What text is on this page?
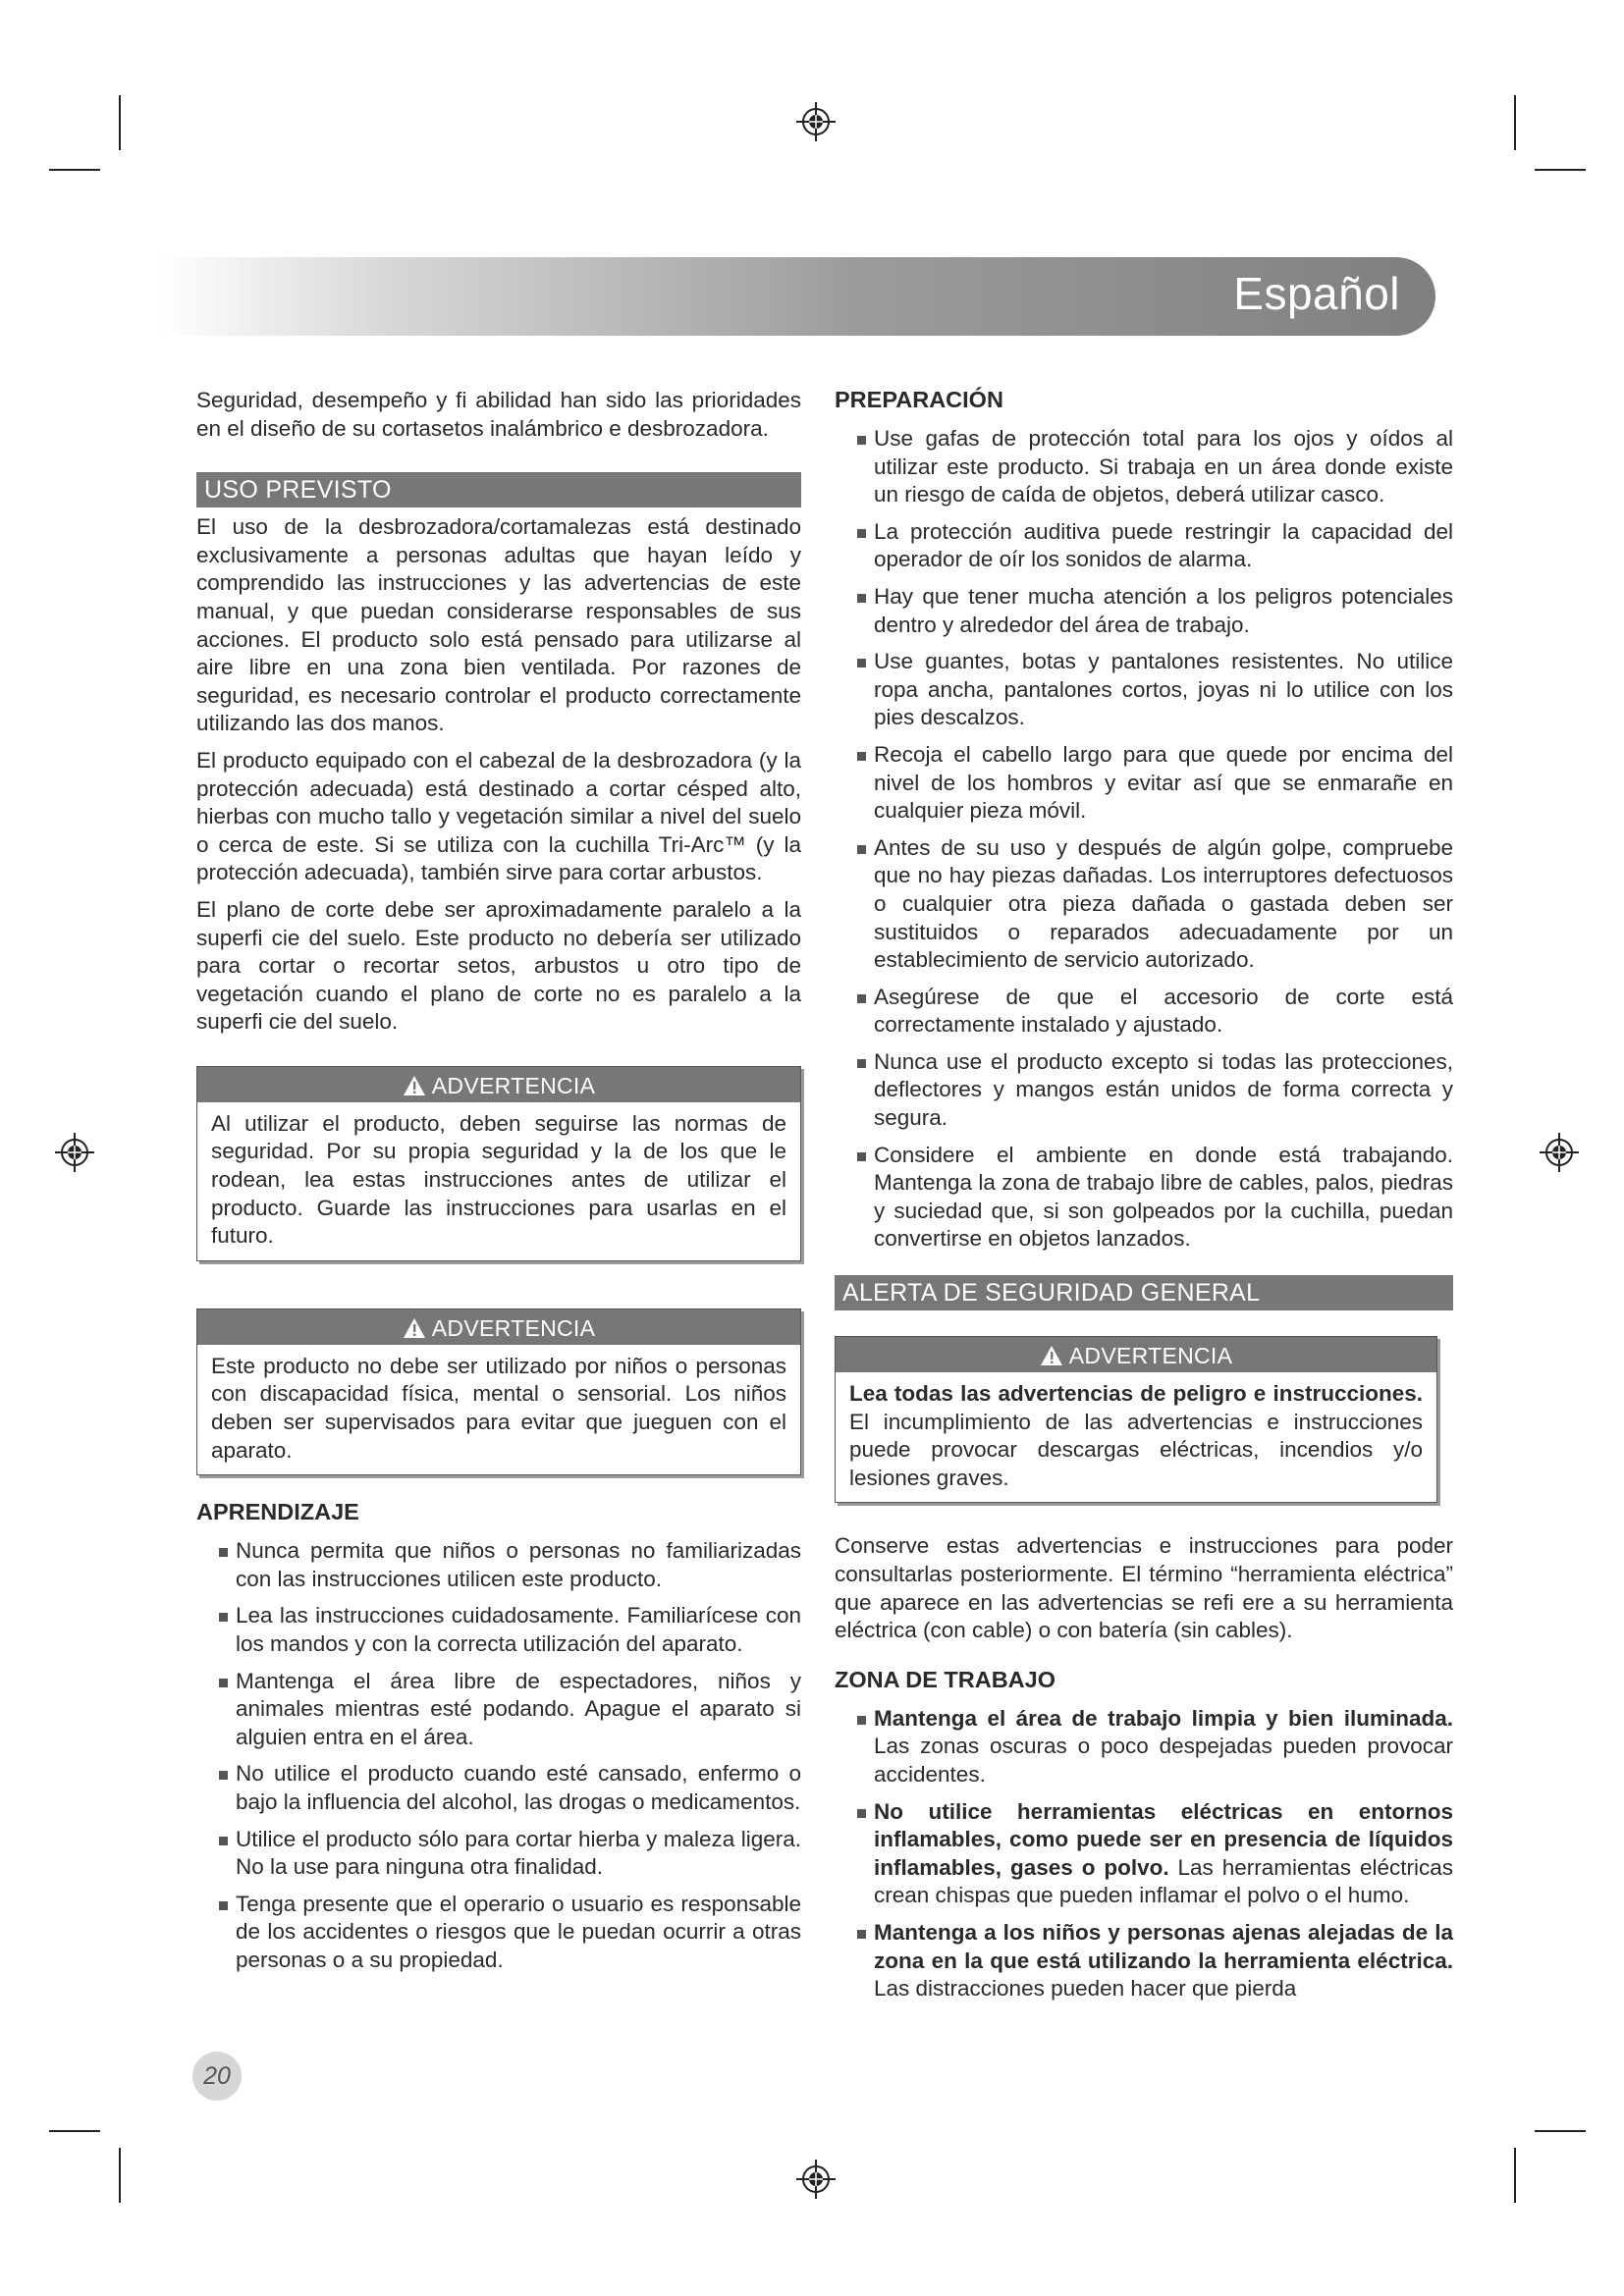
Español

Seguridad, desempeño y fi abilidad han sido las prioridades en el diseño de su cortasetos inalámbrico e desbrozadora.

USO PREVISTO

El uso de la desbrozadora/cortamalezas está destinado exclusivamente a personas adultas que hayan leído y comprendido las instrucciones y las advertencias de este manual, y que puedan considerarse responsables de sus acciones. El producto solo está pensado para utilizarse al aire libre en una zona bien ventilada. Por razones de seguridad, es necesario controlar el producto correctamente utilizando las dos manos.

El producto equipado con el cabezal de la desbrozadora (y la protección adecuada) está destinado a cortar césped alto, hierbas con mucho tallo y vegetación similar a nivel del suelo o cerca de este. Si se utiliza con la cuchilla Tri-Arc™ (y la protección adecuada), también sirve para cortar arbustos.

El plano de corte debe ser aproximadamente paralelo a la superfi cie del suelo. Este producto no debería ser utilizado para cortar o recortar setos, arbustos u otro tipo de vegetación cuando el plano de corte no es paralelo a la superfi cie del suelo.

ADVERTENCIA

Al utilizar el producto, deben seguirse las normas de seguridad. Por su propia seguridad y la de los que le rodean, lea estas instrucciones antes de utilizar el producto. Guarde las instrucciones para usarlas en el futuro.

ADVERTENCIA

Este producto no debe ser utilizado por niños o personas con discapacidad física, mental o sensorial. Los niños deben ser supervisados para evitar que jueguen con el aparato.

APRENDIZAJE
Nunca permita que niños o personas no familiarizadas con las instrucciones utilicen este producto.
Lea las instrucciones cuidadosamente. Familiarícese con los mandos y con la correcta utilización del aparato.
Mantenga el área libre de espectadores, niños y animales mientras esté podando. Apague el aparato si alguien entra en el área.
No utilice el producto cuando esté cansado, enfermo o bajo la influencia del alcohol, las drogas o medicamentos.
Utilice el producto sólo para cortar hierba y maleza ligera. No la use para ninguna otra finalidad.
Tenga presente que el operario o usuario es responsable de los accidentes o riesgos que le puedan ocurrir a otras personas o a su propiedad.
PREPARACIÓN
Use gafas de protección total para los ojos y oídos al utilizar este producto. Si trabaja en un área donde existe un riesgo de caída de objetos, deberá utilizar casco.
La protección auditiva puede restringir la capacidad del operador de oír los sonidos de alarma.
Hay que tener mucha atención a los peligros potenciales dentro y alrededor del área de trabajo.
Use guantes, botas y pantalones resistentes. No utilice ropa ancha, pantalones cortos, joyas ni lo utilice con los pies descalzos.
Recoja el cabello largo para que quede por encima del nivel de los hombros y evitar así que se enmarañe en cualquier pieza móvil.
Antes de su uso y después de algún golpe, compruebe que no hay piezas dañadas. Los interruptores defectuosos o cualquier otra pieza dañada o gastada deben ser sustituidos o reparados adecuadamente por un establecimiento de servicio autorizado.
Asegúrese de que el accesorio de corte está correctamente instalado y ajustado.
Nunca use el producto excepto si todas las protecciones, deflectores y mangos están unidos de forma correcta y segura.
Considere el ambiente en donde está trabajando. Mantenga la zona de trabajo libre de cables, palos, piedras y suciedad que, si son golpeados por la cuchilla, puedan convertirse en objetos lanzados.
ALERTA DE SEGURIDAD GENERAL
ADVERTENCIA

Lea todas las advertencias de peligro e instrucciones. El incumplimiento de las advertencias e instrucciones puede provocar descargas eléctricas, incendios y/o lesiones graves.

Conserve estas advertencias e instrucciones para poder consultarlas posteriormente. El término “herramienta eléctrica” que aparece en las advertencias se refi ere a su herramienta eléctrica (con cable) o con batería (sin cables).

ZONA DE TRABAJO
Mantenga el área de trabajo limpia y bien iluminada. Las zonas oscuras o poco despejadas pueden provocar accidentes.
No utilice herramientas eléctricas en entornos inflamables, como puede ser en presencia de líquidos inflamables, gases o polvo. Las herramientas eléctricas crean chispas que pueden inflamar el polvo o el humo.
Mantenga a los niños y personas ajenas alejadas de la zona en la que está utilizando la herramienta eléctrica. Las distracciones pueden hacer que pierda
20
